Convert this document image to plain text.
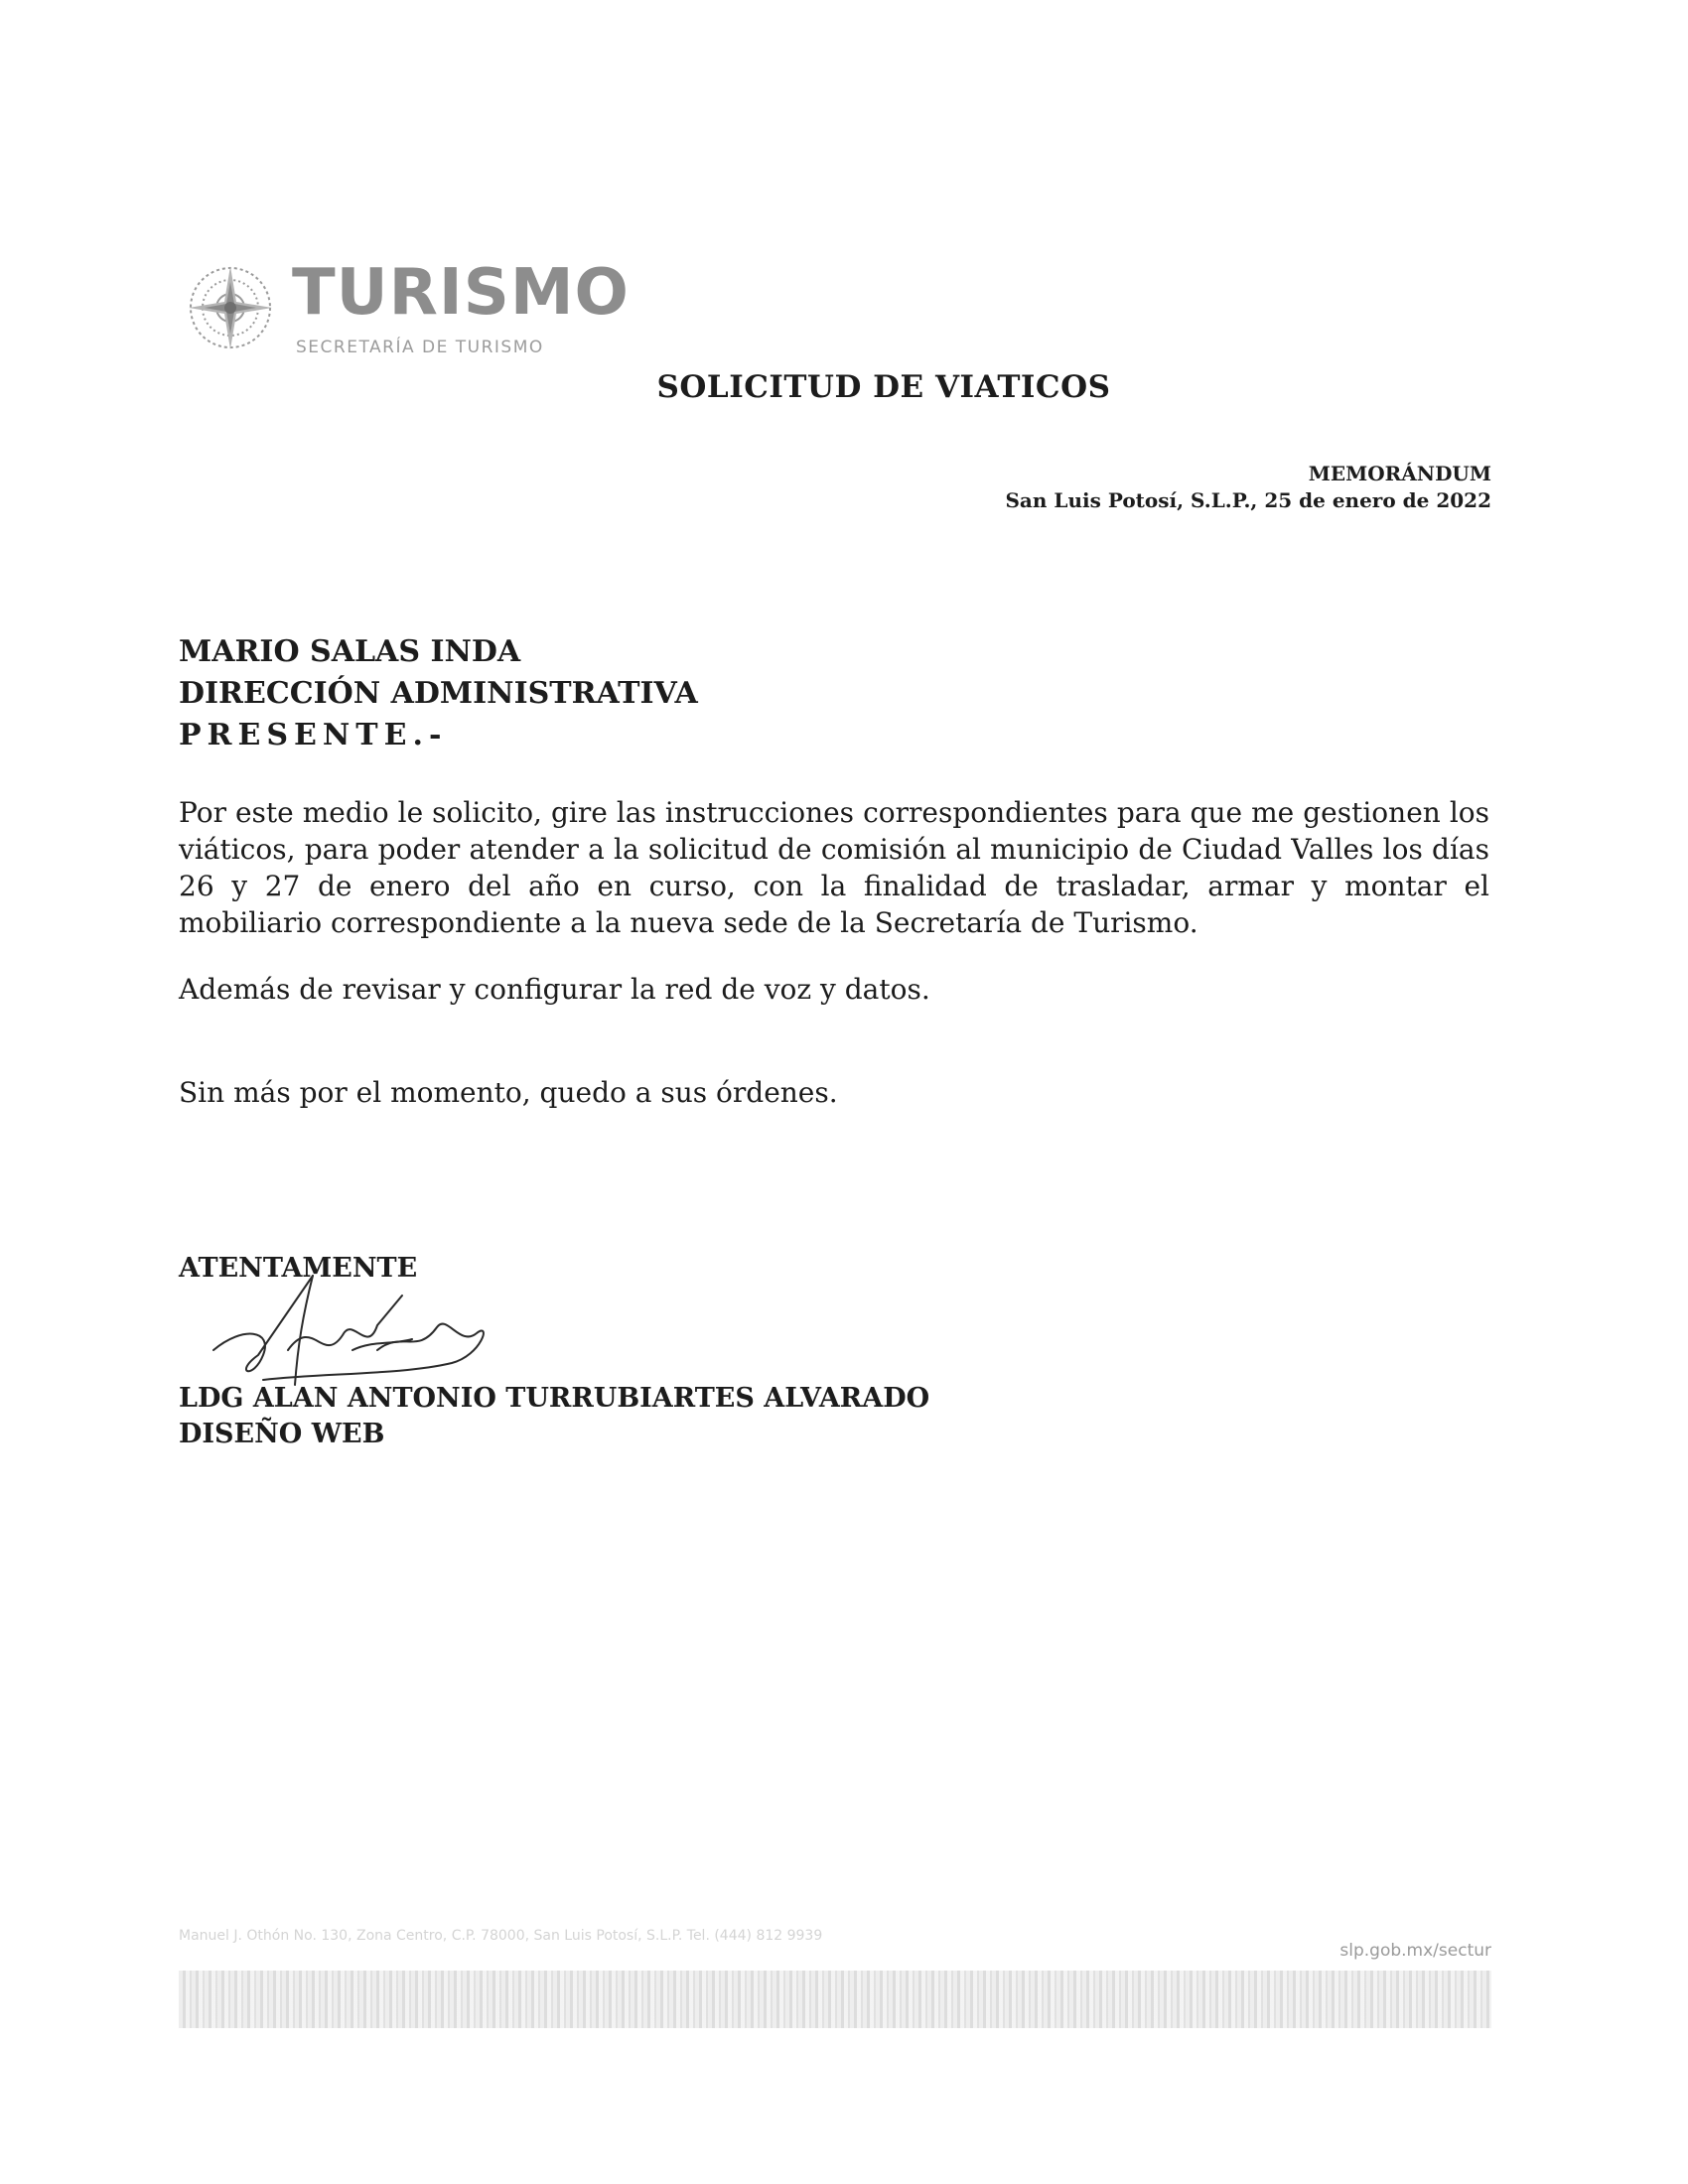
TURISMO
SECRETARÍA DE TURISMO
SOLICITUD DE VIATICOS
MEMORÁNDUM
San Luis Potosí, S.L.P., 25 de enero de 2022
MARIO SALAS INDA
DIRECCIÓN ADMINISTRATIVA
PRESENTE.-
Por este medio le solicito, gire las instrucciones correspondientes para que me gestionen los viáticos, para poder atender a la solicitud de comisión al municipio de Ciudad Valles los días 26 y 27 de enero del año en curso, con la finalidad de trasladar, armar y montar el mobiliario correspondiente a la nueva sede de la Secretaría de Turismo.
Además de revisar y configurar la red de voz y datos.
Sin más por el momento, quedo a sus órdenes.
ATENTAMENTE
LDG ALAN ANTONIO TURRUBIARTES ALVARADO
DISEÑO WEB
Manuel J. Othón No. 130, Zona Centro, C.P. 78000, San Luis Potosí, S.L.P. Tel. (444) 812 9939
slp.gob.mx/sectur
